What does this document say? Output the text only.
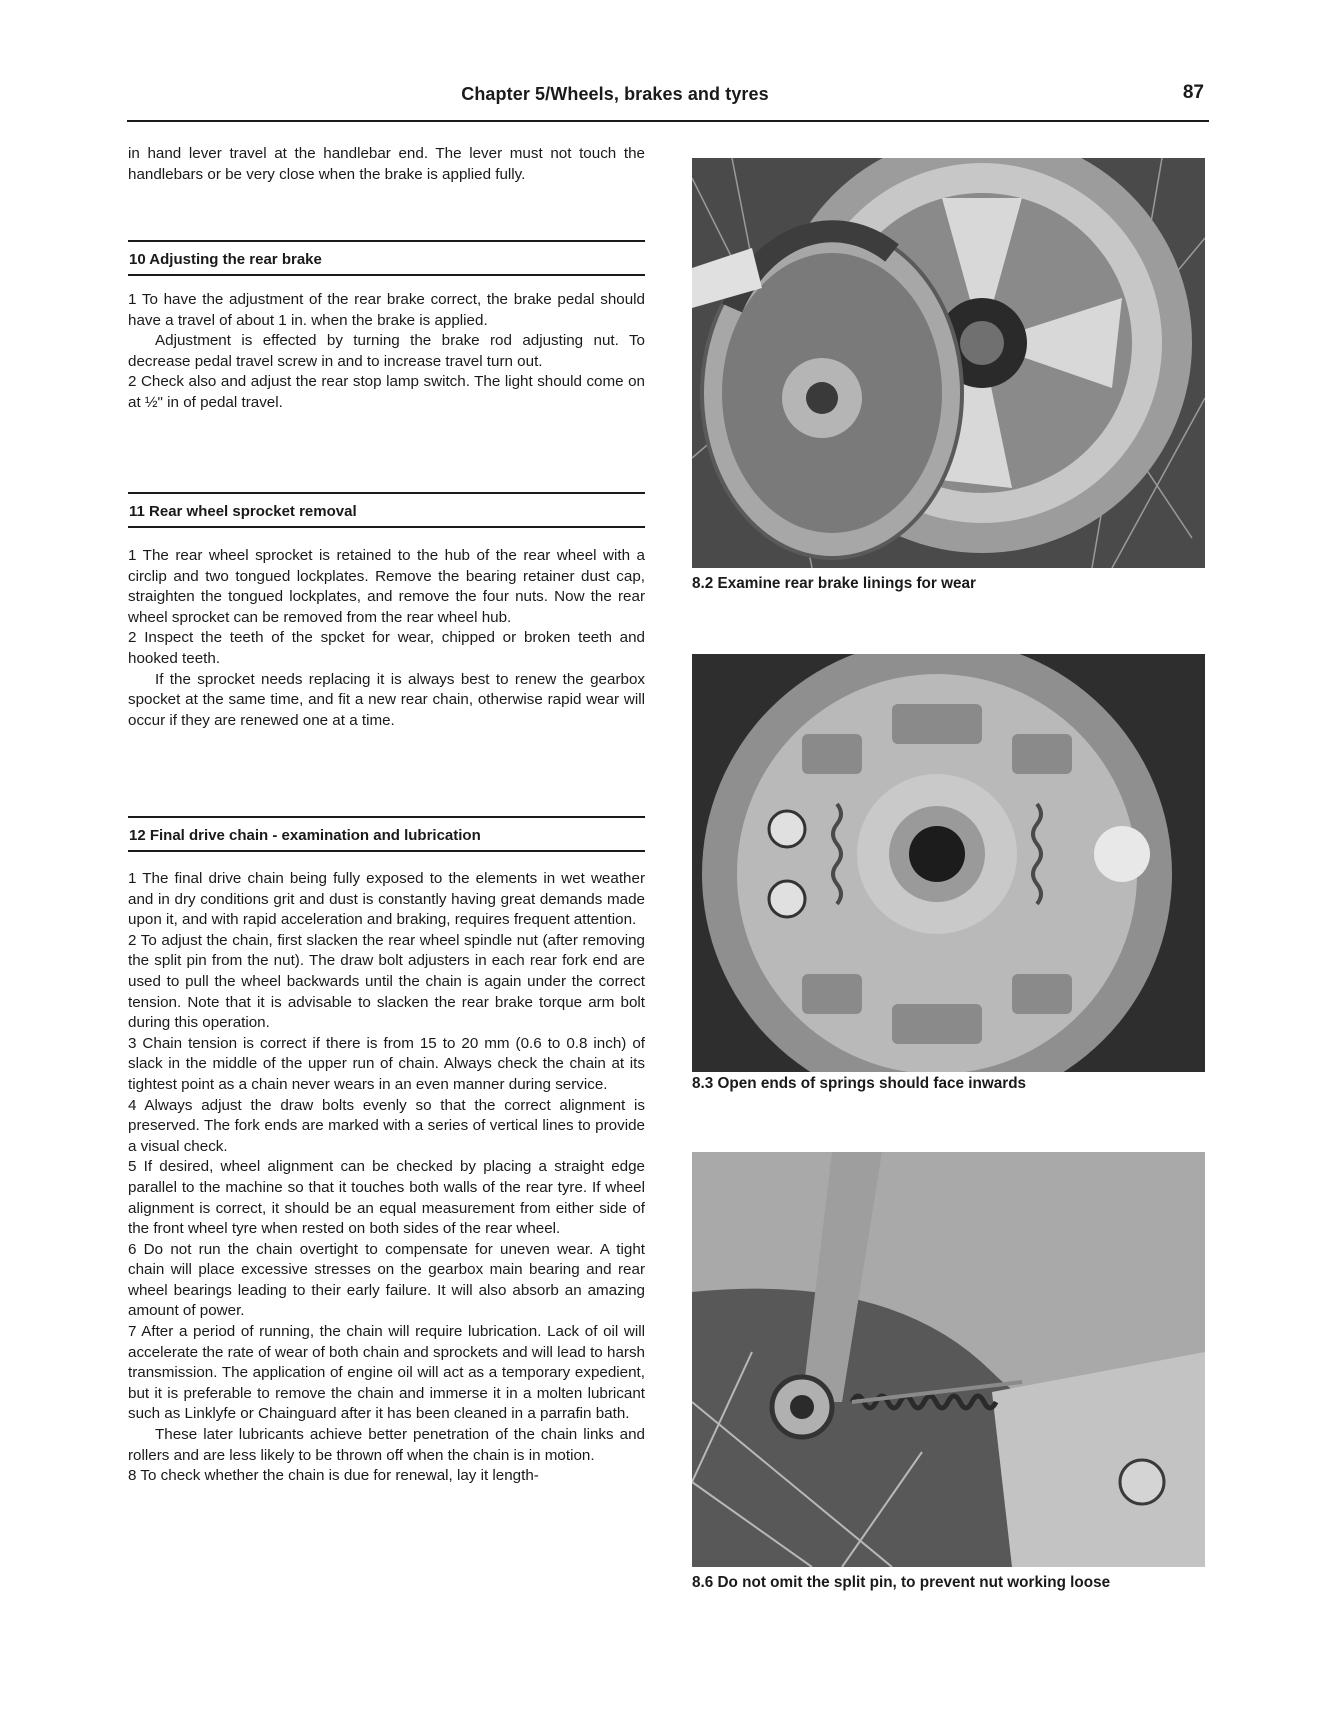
Chapter 5/Wheels, brakes and tyres	87

in hand lever travel at the handlebar end. The lever must not touch the handlebars or be very close when the brake is applied fully.

10 Adjusting the rear brake

1 To have the adjustment of the rear brake correct, the brake pedal should have a travel of about 1 in. when the brake is applied.

Adjustment is effected by turning the brake rod adjusting nut. To decrease pedal travel screw in and to increase travel turn out.

2 Check also and adjust the rear stop lamp switch. The light should come on at ½" in of pedal travel.

11 Rear wheel sprocket removal

1 The rear wheel sprocket is retained to the hub of the rear wheel with a circlip and two tongued lockplates. Remove the bearing retainer dust cap, straighten the tongued lockplates, and remove the four nuts. Now the rear wheel sprocket can be removed from the rear wheel hub.

2 Inspect the teeth of the spcket for wear, chipped or broken teeth and hooked teeth.

If the sprocket needs replacing it is always best to renew the gearbox spocket at the same time, and fit a new rear chain, otherwise rapid wear will occur if they are renewed one at a time.

12 Final drive chain - examination and lubrication

1 The final drive chain being fully exposed to the elements in wet weather and in dry conditions grit and dust is constantly having great demands made upon it, and with rapid acceleration and braking, requires frequent attention.

2 To adjust the chain, first slacken the rear wheel spindle nut (after removing the split pin from the nut). The draw bolt adjusters in each rear fork end are used to pull the wheel backwards until the chain is again under the correct tension. Note that it is advisable to slacken the rear brake torque arm bolt during this operation.

3 Chain tension is correct if there is from 15 to 20 mm (0.6 to 0.8 inch) of slack in the middle of the upper run of chain. Always check the chain at its tightest point as a chain never wears in an even manner during service.

4 Always adjust the draw bolts evenly so that the correct alignment is preserved. The fork ends are marked with a series of vertical lines to provide a visual check.

5 If desired, wheel alignment can be checked by placing a straight edge parallel to the machine so that it touches both walls of the rear tyre. If wheel alignment is correct, it should be an equal measurement from either side of the front wheel tyre when rested on both sides of the rear wheel.

6 Do not run the chain overtight to compensate for uneven wear. A tight chain will place excessive stresses on the gearbox main bearing and rear wheel bearings leading to their early failure. It will also absorb an amazing amount of power.

7 After a period of running, the chain will require lubrication. Lack of oil will accelerate the rate of wear of both chain and sprockets and will lead to harsh transmission. The application of engine oil will act as a temporary expedient, but it is preferable to remove the chain and immerse it in a molten lubricant such as Linklyfe or Chainguard after it has been cleaned in a parrafin bath.

These later lubricants achieve better penetration of the chain links and rollers and are less likely to be thrown off when the chain is in motion.

8 To check whether the chain is due for renewal, lay it length-

8.2 Examine rear brake linings for wear
8.3 Open ends of springs should face inwards
8.6 Do not omit the split pin, to prevent nut working loose
